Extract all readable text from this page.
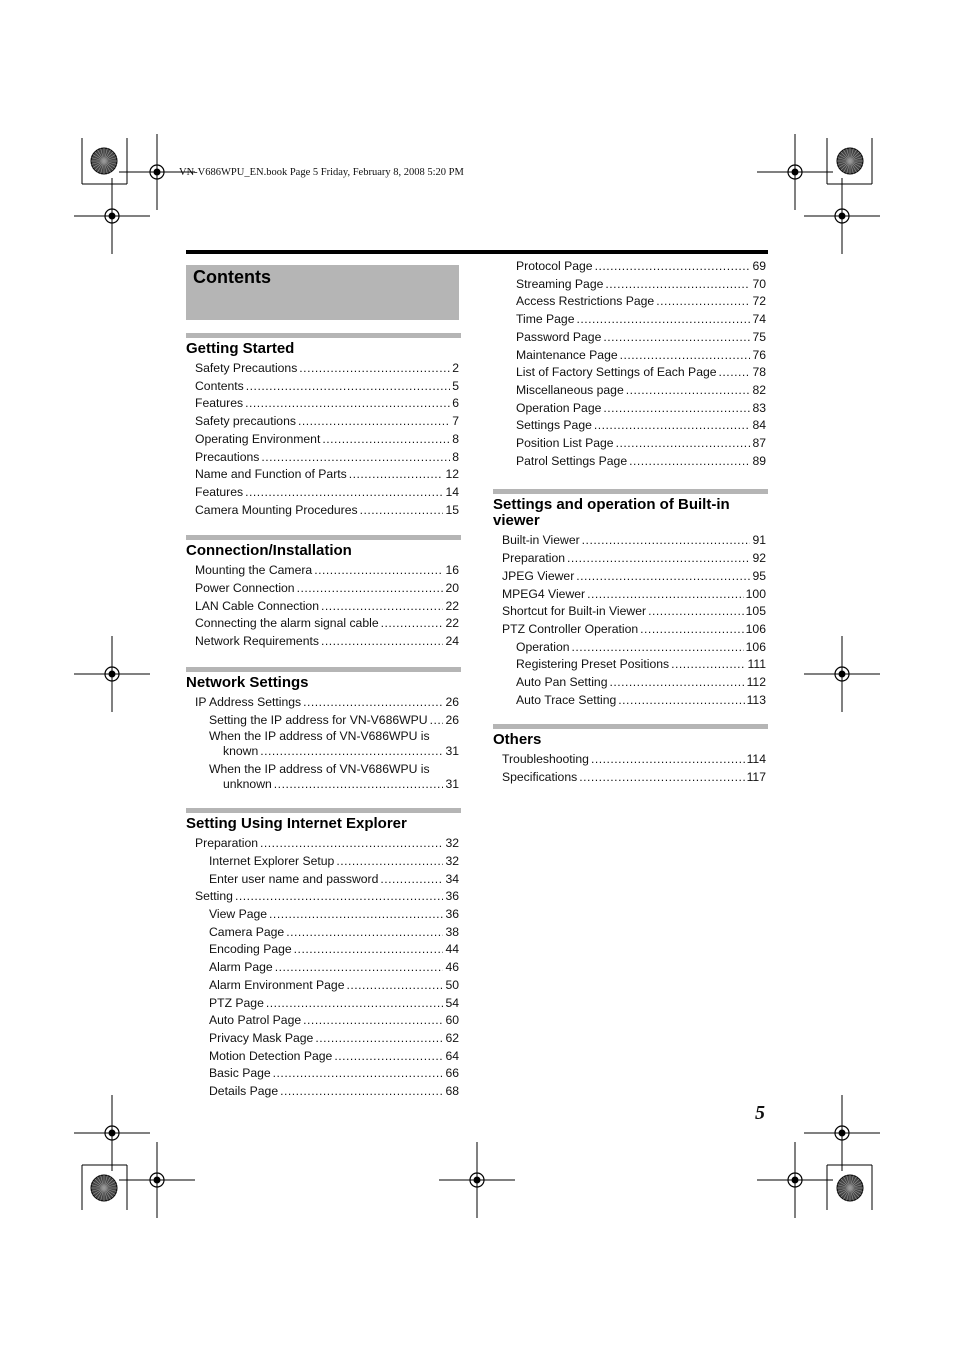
VN-V686WPU_EN.book Page 5 Friday, February 8, 2008 5:20 PM
Contents
Getting Started
Safety Precautions .....	2
Contents .....	5
Features .....	6
Safety precautions .....	7
Operating Environment .....	8
Precautions .....	8
Name and Function of Parts .....	12
Features .....	14
Camera Mounting Procedures .....	15
Connection/Installation
Mounting the Camera .....	16
Power Connection .....	20
LAN Cable Connection .....	22
Connecting the alarm signal cable .....	22
Network Requirements .....	24
Network Settings
IP Address Settings .....	26
Setting the IP address for VN-V686WPU ..... 26
When the IP address of VN-V686WPU is
known .....	31
When the IP address of VN-V686WPU is
unknown .....	31
Setting Using Internet Explorer
Preparation .....	32
Internet Explorer Setup .....	32
Enter user name and password .....	34
Setting .....	36
View Page .....	36
Camera Page .....	38
Encoding Page .....	44
Alarm Page .....	46
Alarm Environment Page .....	50
PTZ Page .....	54
Auto Patrol Page .....	60
Privacy Mask Page .....	62
Motion Detection Page .....	64
Basic Page .....	66
Details Page .....	68
Protocol Page .....	69
Streaming Page .....	70
Access Restrictions Page .....	72
Time Page .....	74
Password Page .....	75
Maintenance Page .....	76
List of Factory Settings of Each Page .....	78
Miscellaneous page .....	82
Operation Page .....	83
Settings Page .....	84
Position List Page .....	87
Patrol Settings Page .....	89
Settings and operation of Built-in viewer
Built-in Viewer .....	91
Preparation .....	92
JPEG Viewer .....	95
MPEG4 Viewer .....	100
Shortcut for Built-in Viewer .....	105
PTZ Controller Operation .....	106
Operation .....	106
Registering Preset Positions .....	111
Auto Pan Setting .....	112
Auto Trace Setting .....	113
Others
Troubleshooting .....	114
Specifications .....	117
5
